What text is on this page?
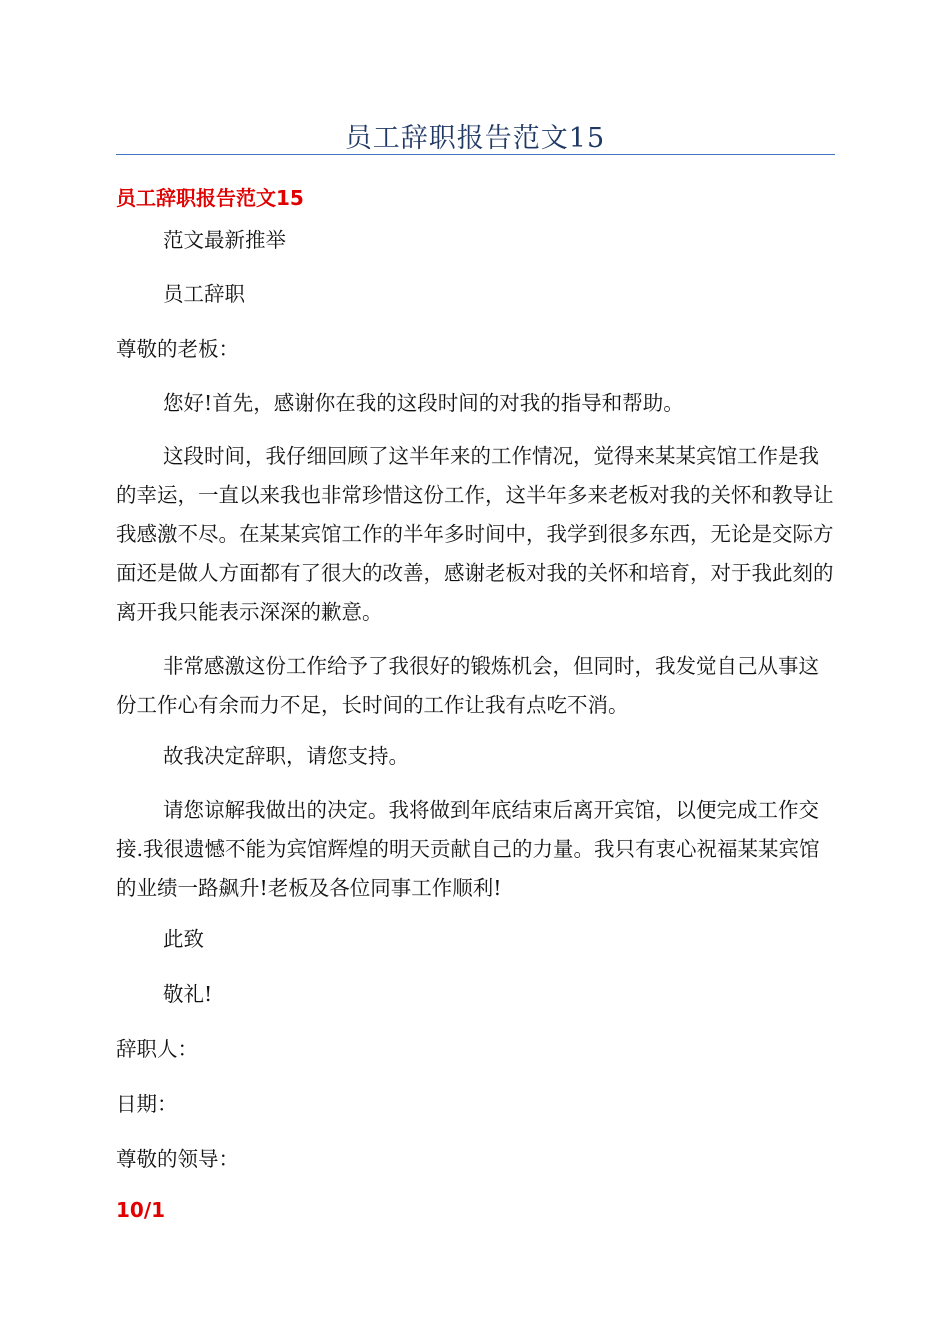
员工辞职报告范文15
员工辞职报告范文15
范文最新推举
员工辞职
尊敬的老板：
您好!首先，感谢你在我的这段时间的对我的指导和帮助。
这段时间，我仔细回顾了这半年来的工作情况，觉得来某某宾馆工作是我的幸运，一直以来我也非常珍惜这份工作，这半年多来老板对我的关怀和教导让我感激不尽。在某某宾馆工作的半年多时间中，我学到很多东西，无论是交际方面还是做人方面都有了很大的改善，感谢老板对我的关怀和培育，对于我此刻的离开我只能表示深深的歉意。
非常感激这份工作给予了我很好的锻炼机会，但同时，我发觉自己从事这份工作心有余而力不足，长时间的工作让我有点吃不消。
故我决定辞职，请您支持。
请您谅解我做出的决定。我将做到年底结束后离开宾馆，以便完成工作交接.我很遗憾不能为宾馆辉煌的明天贡献自己的力量。我只有衷心祝福某某宾馆的业绩一路飙升!老板及各位同事工作顺利!
此致
敬礼!
辞职人：
日期：
尊敬的领导：
10/1
